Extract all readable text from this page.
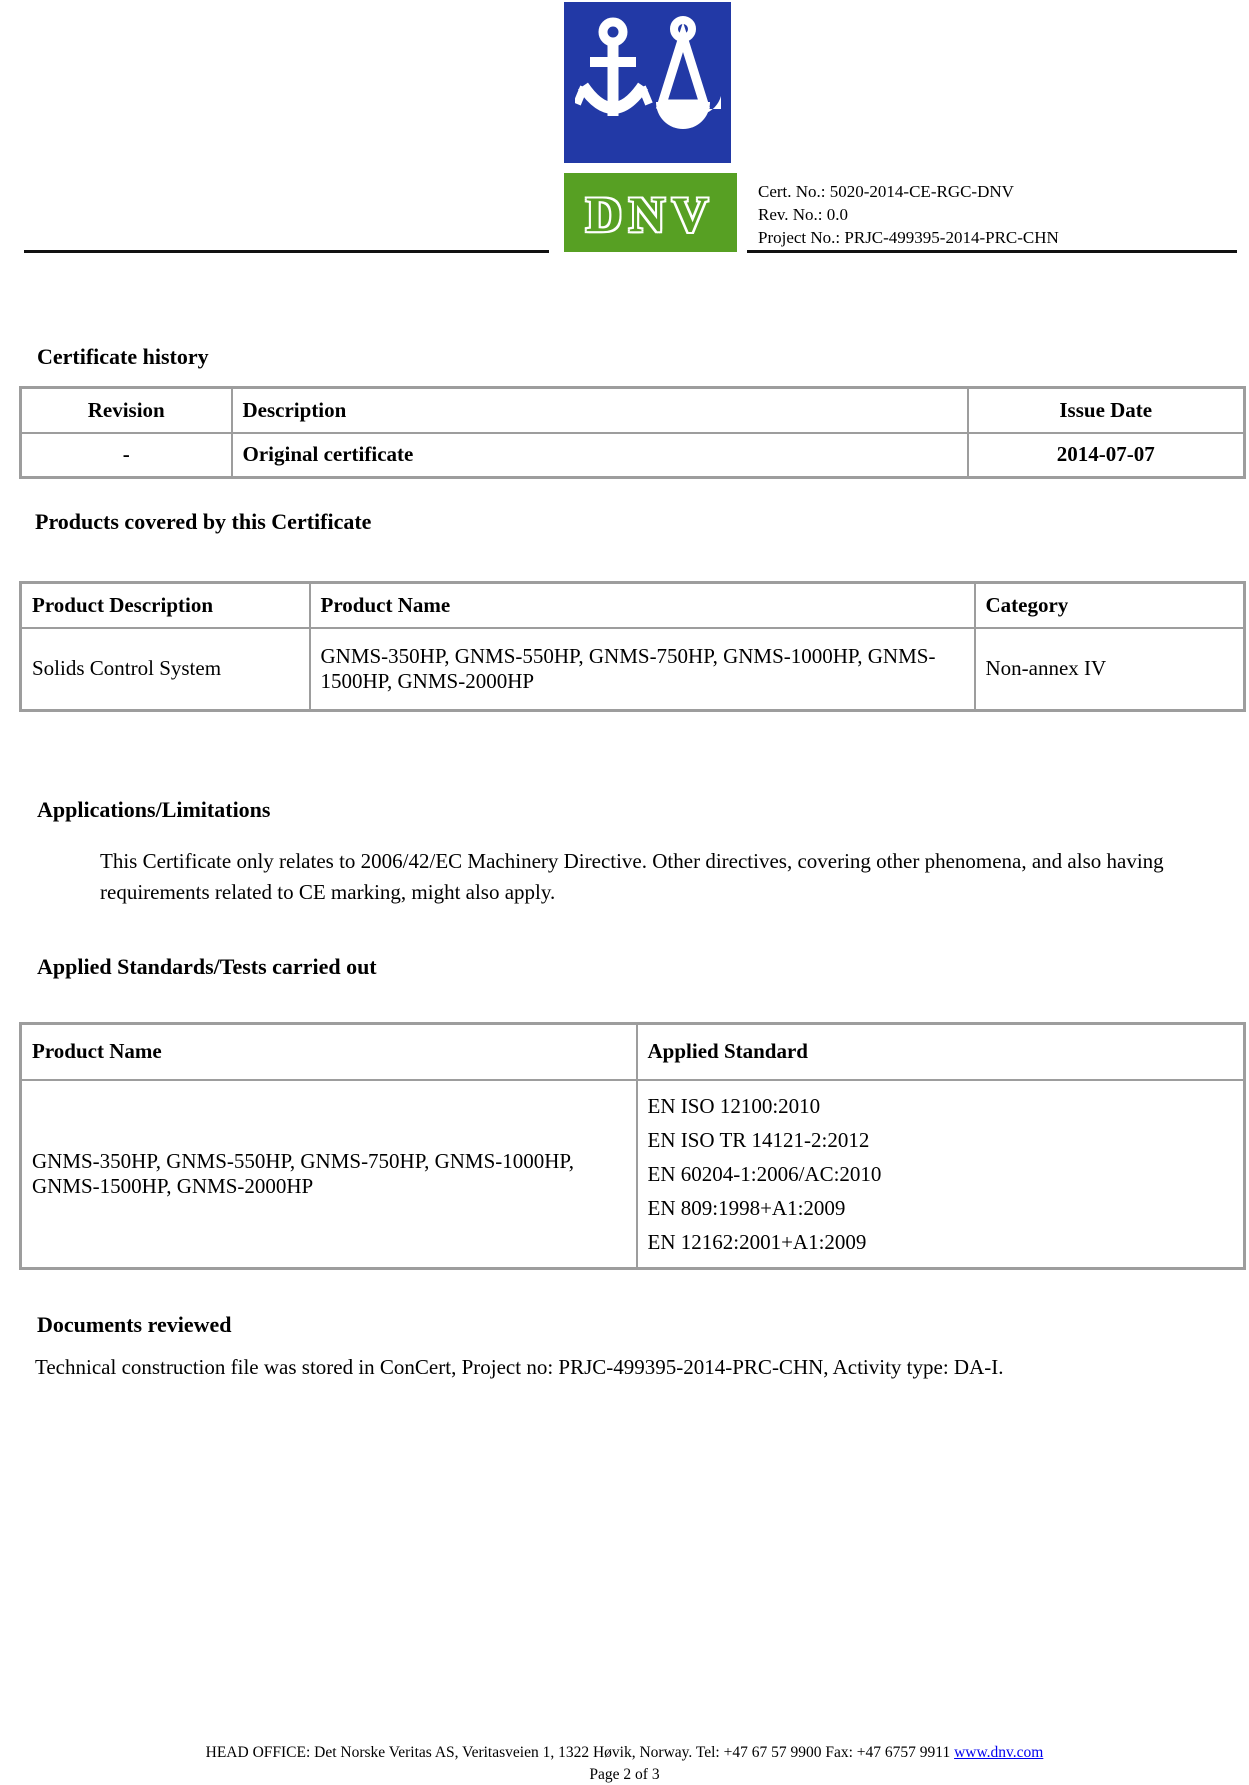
DNV	Cert. No.: 5020-2014-CE-RGC-DNV
Rev. No.: 0.0
Project No.: PRJC-499395-2014-PRC-CHN
Certificate history
Revision	Description	Issue Date
-	Original certificate	2014-07-07
Products covered by this Certificate
Product Description	Product Name	Category
Solids Control System	GNMS-350HP, GNMS-550HP, GNMS-750HP, GNMS-1000HP, GNMS-1500HP, GNMS-2000HP	Non-annex IV
Applications/Limitations
This Certificate only relates to 2006/42/EC Machinery Directive. Other directives, covering other phenomena, and also having requirements related to CE marking, might also apply.
Applied Standards/Tests carried out
Product Name	Applied Standard
GNMS-350HP, GNMS-550HP, GNMS-750HP, GNMS-1000HP, GNMS-1500HP, GNMS-2000HP	EN ISO 12100:2010
EN ISO TR 14121-2:2012
EN 60204-1:2006/AC:2010
EN 809:1998+A1:2009
EN 12162:2001+A1:2009
Documents reviewed
Technical construction file was stored in ConCert, Project no: PRJC-499395-2014-PRC-CHN, Activity type: DA-I.
HEAD OFFICE: Det Norske Veritas AS, Veritasveien 1, 1322 Høvik, Norway. Tel: +47 67 57 9900 Fax: +47 6757 9911 www.dnv.com
Page 2 of 3
